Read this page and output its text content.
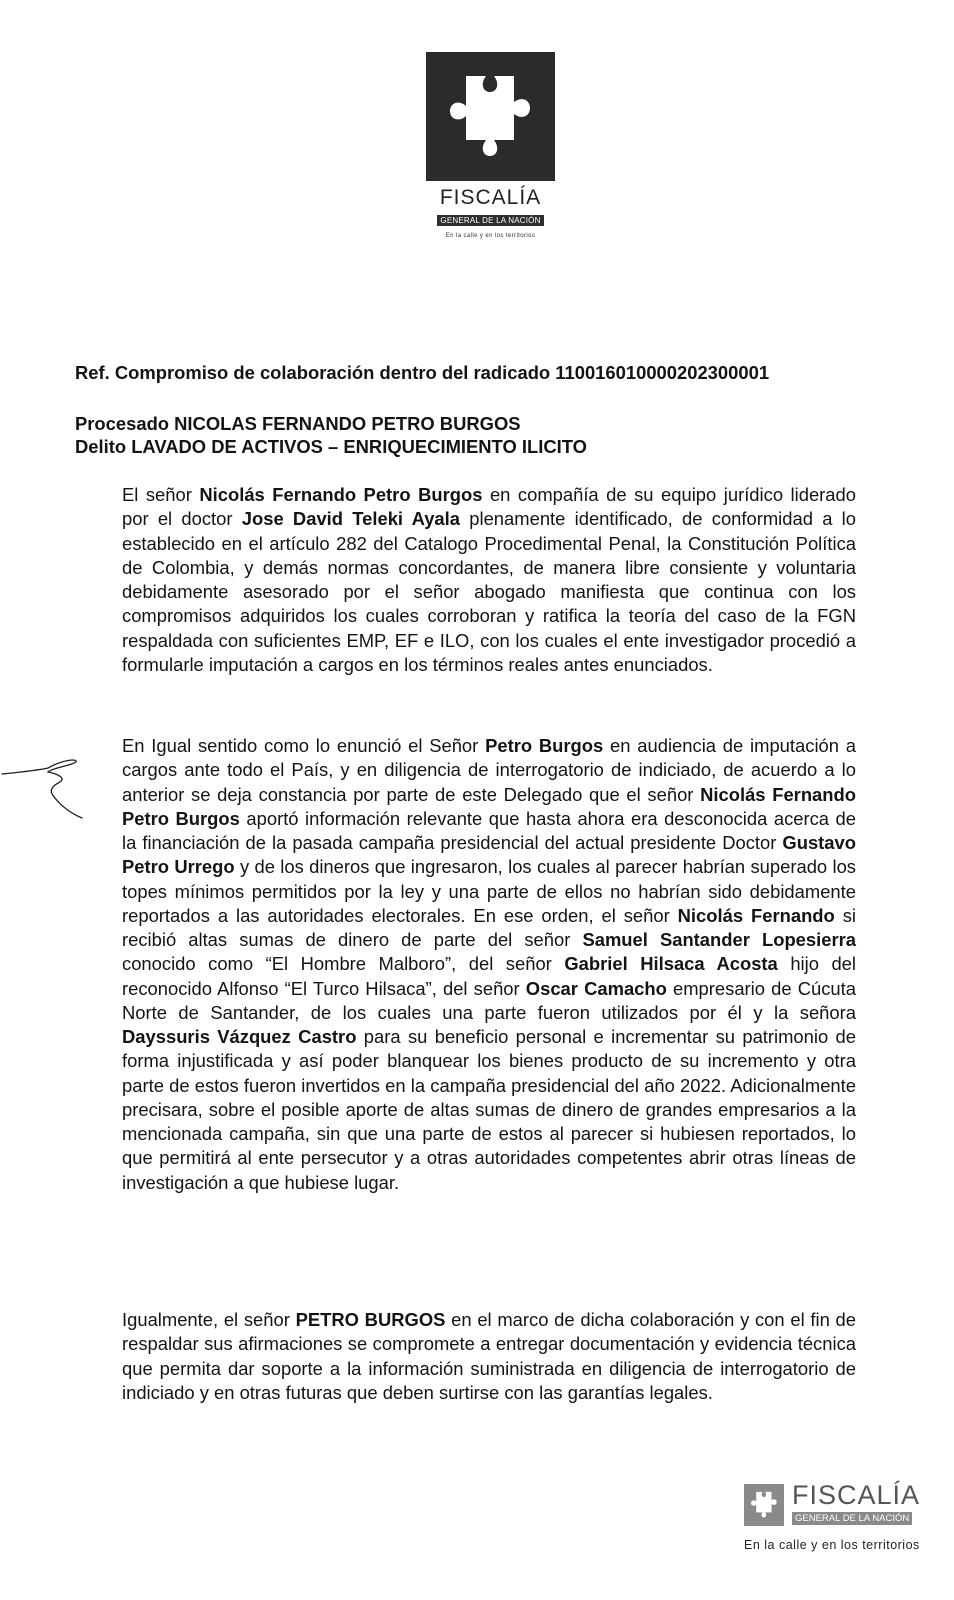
FISCALÍA
GENERAL DE LA NACIÓN
En la calle y en los territorios
Ref. Compromiso de colaboración dentro del radicado 110016010000202300001
Procesado NICOLAS FERNANDO PETRO BURGOS
Delito LAVADO DE ACTIVOS – ENRIQUECIMIENTO ILICITO

El señor Nicolás Fernando Petro Burgos en compañía de su equipo jurídico liderado por el doctor Jose David Teleki Ayala plenamente identificado, de conformidad a lo establecido en el artículo 282 del Catalogo Procedimental Penal, la Constitución Política de Colombia, y demás normas concordantes, de manera libre consiente y voluntaria debidamente asesorado por el señor abogado manifiesta que continua con los compromisos adquiridos los cuales corroboran y ratifica la teoría del caso de la FGN respaldada con suficientes EMP, EF e ILO, con los cuales el ente investigador procedió a formularle imputación a cargos en los términos reales antes enunciados.

En Igual sentido como lo enunció el Señor Petro Burgos en audiencia de imputación a cargos ante todo el País, y en diligencia de interrogatorio de indiciado, de acuerdo a lo anterior se deja constancia por parte de este Delegado que el señor Nicolás Fernando Petro Burgos aportó información relevante que hasta ahora era desconocida acerca de la financiación de la pasada campaña presidencial del actual presidente Doctor Gustavo Petro Urrego y de los dineros que ingresaron, los cuales al parecer habrían superado los topes mínimos permitidos por la ley y una parte de ellos no habrían sido debidamente reportados a las autoridades electorales. En ese orden, el señor Nicolás Fernando si recibió altas sumas de dinero de parte del señor Samuel Santander Lopesierra conocido como “El Hombre Malboro”, del señor Gabriel Hilsaca Acosta hijo del reconocido Alfonso “El Turco Hilsaca”, del señor Oscar Camacho empresario de Cúcuta Norte de Santander, de los cuales una parte fueron utilizados por él y la señora Dayssuris Vázquez Castro para su beneficio personal e incrementar su patrimonio de forma injustificada y así poder blanquear los bienes producto de su incremento y otra parte de estos fueron invertidos en la campaña presidencial del año 2022. Adicionalmente precisara, sobre el posible aporte de altas sumas de dinero de grandes empresarios a la mencionada campaña, sin que una parte de estos al parecer si hubiesen reportados, lo que permitirá al ente persecutor y a otras autoridades competentes abrir otras líneas de investigación a que hubiese lugar.

Igualmente, el señor PETRO BURGOS en el marco de dicha colaboración y con el fin de respaldar sus afirmaciones se compromete a entregar documentación y evidencia técnica que permita dar soporte a la información suministrada en diligencia de interrogatorio de indiciado y en otras futuras que deben surtirse con las garantías legales.

FISCALÍA
GENERAL DE LA NACIÓN
En la calle y en los territorios
